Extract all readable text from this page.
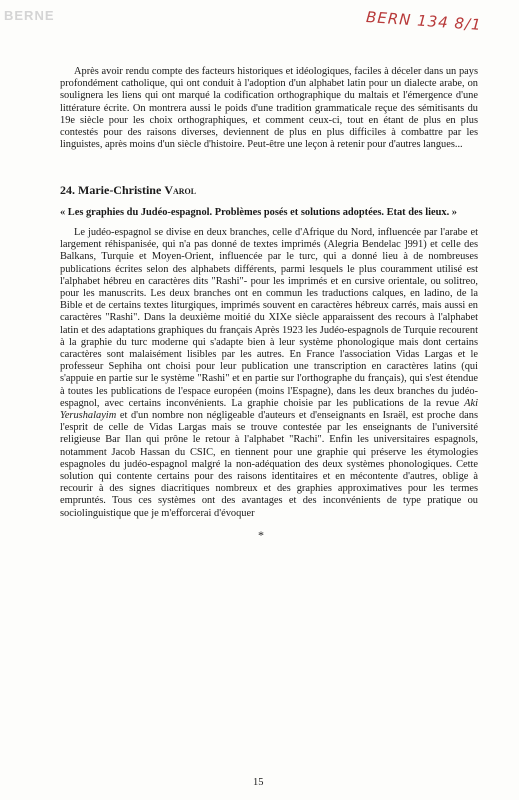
BERNE	BERN 134 8/1

Après avoir rendu compte des facteurs historiques et idéologiques, faciles à déceler dans un pays profondément catholique, qui ont conduit à l'adoption d'un alphabet latin pour un dialecte arabe, on soulignera les liens qui ont marqué la codification orthographique du maltais et l'émergence d'une littérature écrite. On montrera aussi le poids d'une tradition grammaticale reçue des sémitisants du 19e siècle pour les choix orthographiques, et comment ceux-ci, tout en étant de plus en plus contestés pour des raisons diverses, deviennent de plus en plus difficiles à combattre par les linguistes, après moins d'un siècle d'histoire. Peut-être une leçon à retenir pour d'autres langues...

24. Marie-Christine Varol

« Les graphies du Judéo-espagnol. Problèmes posés et solutions adoptées. Etat des lieux. »

Le judéo-espagnol se divise en deux branches, celle d'Afrique du Nord, influencée par l'arabe et largement réhispanisée, qui n'a pas donné de textes imprimés (Alegria Bendelac ]991) et celle des Balkans, Turquie et Moyen-Orient, influencée par le turc, qui a donné lieu à de nombreuses publications écrites selon des alphabets différents, parmi lesquels le plus couramment utilisé est l'alphabet hébreu en caractères dits "Rashi"- pour les imprimés et en cursive orientale, ou solitreo, pour les manuscrits. Les deux branches ont en commun les traductions calques, en ladino, de la Bible et de certains textes liturgiques, imprimés souvent en caractères hébreux carrés, mais aussi en caractères "Rashi". Dans la deuxième moitié du XIXe siècle apparaissent des recours à l'alphabet latin et des adaptations graphiques du français Après 1923 les Judéo-espagnols de Turquie recourent à la graphie du turc moderne qui s'adapte bien à leur système phonologique mais dont certains caractères sont malaisément lisibles par les autres. En France l'association Vidas Largas et le professeur Sephiha ont choisi pour leur publication une transcription en caractères latins (qui s'appuie en partie sur le système "Rashi" et en partie sur l'orthographe du français), qui s'est étendue à toutes les publications de l'espace européen (moins l'Espagne), dans les deux branches du judéo-espagnol, avec certains inconvénients. La graphie choisie par les publications de la revue Aki Yerushalayim et d'un nombre non négligeable d'auteurs et d'enseignants en Israël, est proche dans l'esprit de celle de Vidas Largas mais se trouve contestée par les enseignants de l'université religieuse Bar Ilan qui prône le retour à l'alphabet "Rachi". Enfin les universitaires espagnols, notamment Jacob Hassan du CSIC, en tiennent pour une graphie qui préserve les étymologies espagnoles du judéo-espagnol malgré la non-adéquation des deux systèmes phonologiques. Cette solution qui contente certains pour des raisons identitaires et en mécontente d'autres, oblige à recourir à des signes diacritiques nombreux et des graphies approximatives pour les termes empruntés. Tous ces systèmes ont des avantages et des inconvénients de type pratique ou sociolinguistique que je m'efforcerai d'évoquer

*
15
